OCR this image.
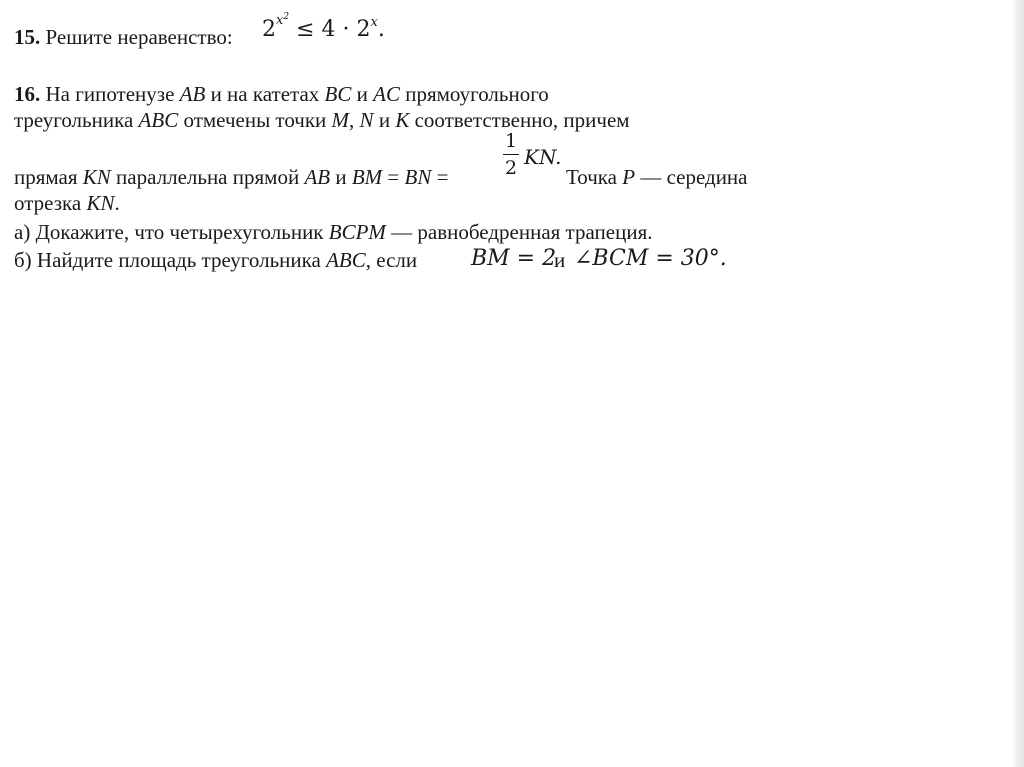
15. Решите неравенство: $2^{x^2} \le 4 \cdot 2^x$.
16. На гипотенузе AB и на катетах BC и AC прямоугольного
треугольника ABC отмечены точки M, N и K соответственно, причем
прямая KN параллельна прямой AB и BM = BN =
1
2 KN.
Точка P — середина
отрезка KN.
а) Докажите, что четырехугольник BCPM — равнобедренная трапеция.
б) Найдите площадь треугольника ABC, если BM = 2
и ∠BCM = 30°.
